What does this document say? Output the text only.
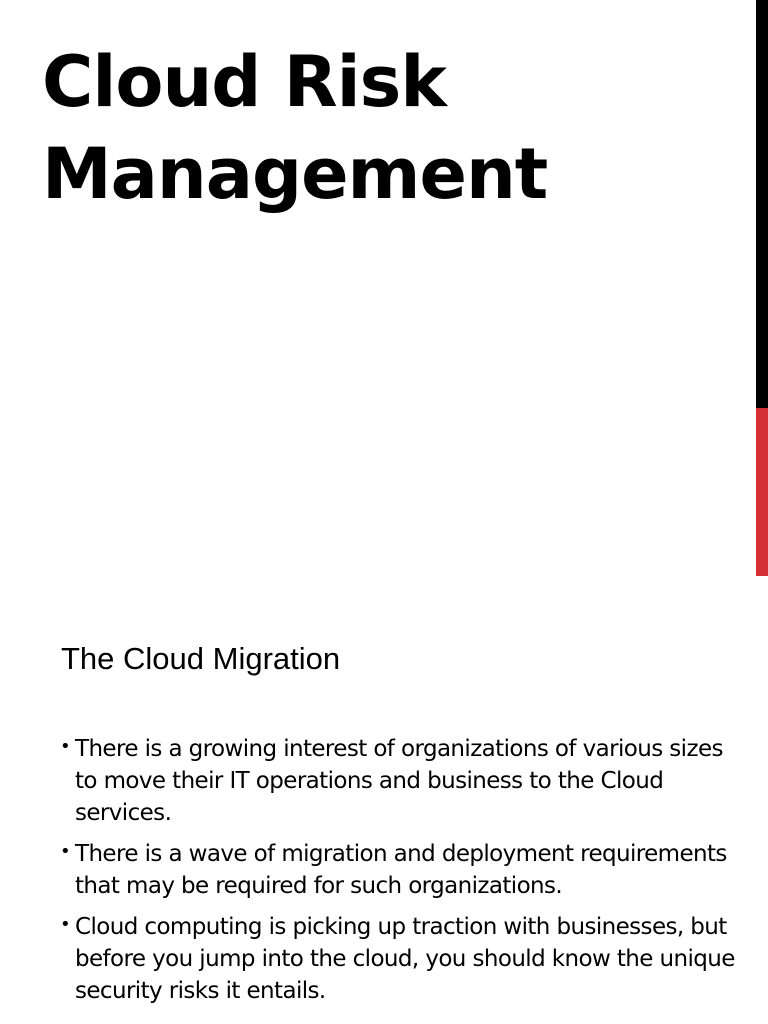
Cloud Risk Management
The Cloud Migration
• There is a growing interest of organizations of various sizes to move their IT operations and business to the Cloud services.
• There is a wave of migration and deployment requirements that may be required for such organizations.
• Cloud computing is picking up traction with businesses, but before you jump into the cloud, you should know the unique security risks it entails.
